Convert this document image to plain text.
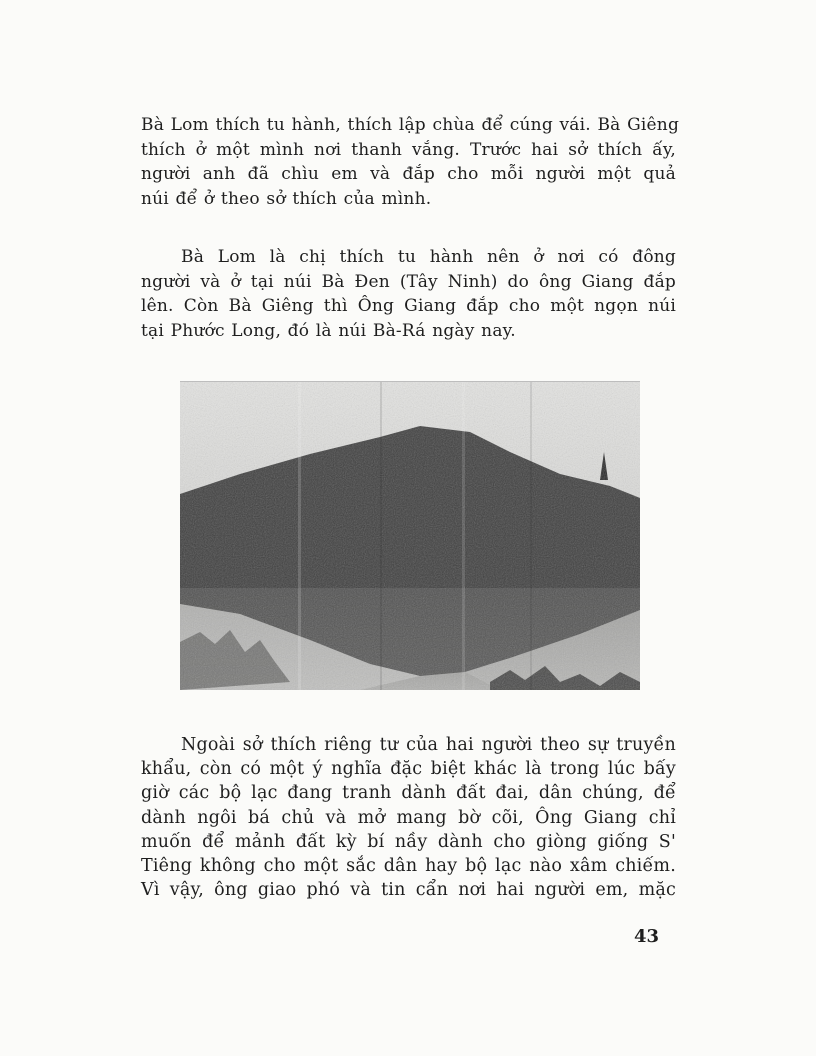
Bà Lom thích tu hành, thích lập chùa để cúng vái. Bà Giêng
thích ở một mình nơi thanh vắng. Trước hai sở thích ấy,
người anh đã chìu em và đắp cho mỗi người một quả
núi để ở theo sở thích của mình.

Bà Lom là chị thích tu hành nên ở nơi có đông
người và ở tại núi Bà Đen (Tây Ninh) do ông Giang đắp
lên. Còn Bà Giêng thì Ông Giang đắp cho một ngọn núi
tại Phước Long, đó là núi Bà-Rá ngày nay.

Ngoài sở thích riêng tư của hai người theo sự truyền
khẩu, còn có một ý nghĩa đặc biệt khác là trong lúc bấy
giờ các bộ lạc đang tranh dành đất đai, dân chúng, để
dành ngôi bá chủ và mở mang bờ cõi, Ông Giang chỉ
muốn để mảnh đất kỳ bí nầy dành cho giòng giống S'
Tiêng không cho một sắc dân hay bộ lạc nào xâm chiếm.
Vì vậy, ông giao phó và tin cẩn nơi hai người em, mặc

43
